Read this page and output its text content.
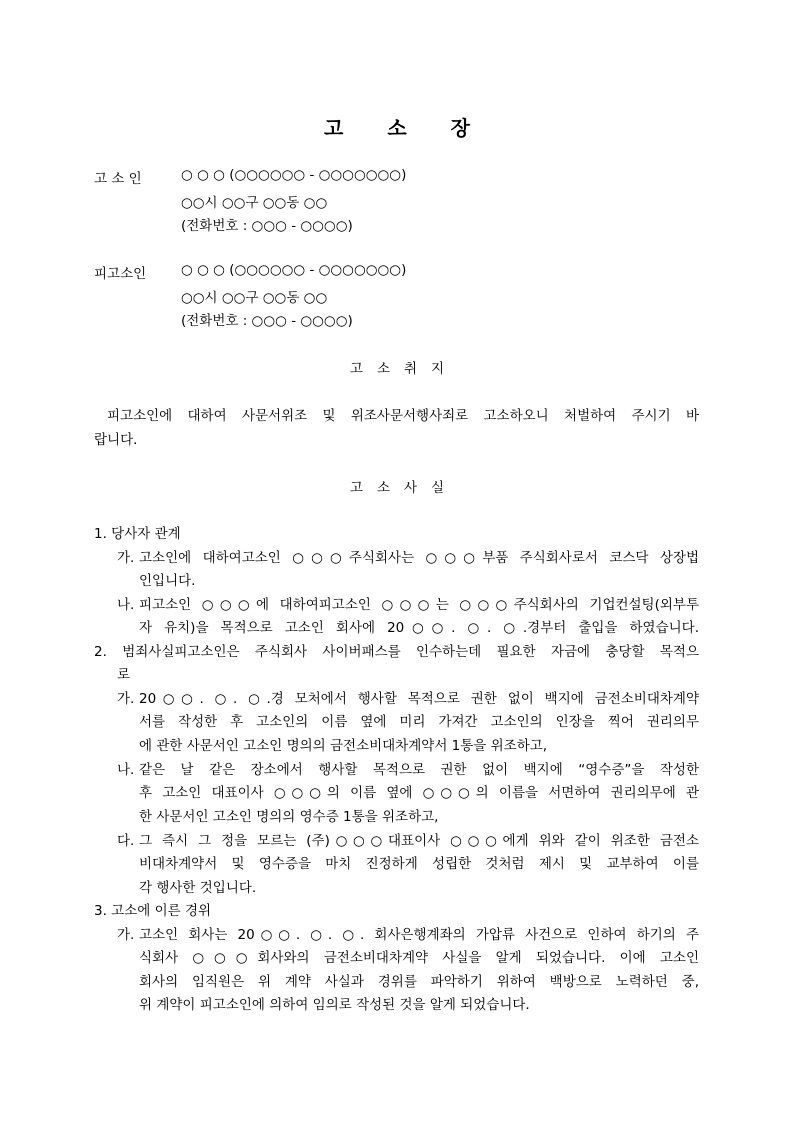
고 소 장
고 소 인	○ ○ ○ (○○○○○○ - ○○○○○○○)
○○시 ○○구 ○○동 ○○
(전화번호 : ○○○ - ○○○○)
피고소인	○ ○ ○ (○○○○○○ - ○○○○○○○)
○○시 ○○구 ○○동 ○○
(전화번호 : ○○○ - ○○○○)
고 소 취 지
피고소인에 대하여 사문서위조 및 위조사문서행사죄로 고소하오니 처벌하여 주시기 바
랍니다.
고 소 사 실
1. 당사자 관계
가. 고소인에 대하여고소인 ○○○주식회사는 ○○○부품 주식회사로서 코스닥 상장법
인입니다.
나. 피고소인 ○○○에 대하여피고소인 ○○○는 ○○○주식회사의 기업컨설팅(외부투
자 유치)을 목적으로 고소인 회사에 20○○. ○. ○.경부터 출입을 하였습니다.
2. 범죄사실피고소인은 주식회사 사이버패스를 인수하는데 필요한 자금에 충당할 목적으
로
가. 20○○. ○. ○.경 모처에서 행사할 목적으로 권한 없이 백지에 금전소비대차계약
서를 작성한 후 고소인의 이름 옆에 미리 가져간 고소인의 인장을 찍어 권리의무
에 관한 사문서인 고소인 명의의 금전소비대차계약서 1통을 위조하고,
나. 같은 날 같은 장소에서 행사할 목적으로 권한 없이 백지에 “영수증”을 작성한
후 고소인 대표이사 ○○○의 이름 옆에 ○○○의 이름을 서면하여 권리의무에 관
한 사문서인 고소인 명의의 영수증 1통을 위조하고,
다. 그 즉시 그 정을 모르는 (주)○○○대표이사 ○○○에게 위와 같이 위조한 금전소
비대차계약서 및 영수증을 마치 진정하게 성립한 것처럼 제시 및 교부하여 이를
각 행사한 것입니다.
3. 고소에 이른 경위
가. 고소인 회사는 20○○. ○. ○. 회사은행계좌의 가압류 사건으로 인하여 하기의 주
식회사 ○○○회사와의 금전소비대차계약 사실을 알게 되었습니다. 이에 고소인
회사의 임직원은 위 계약 사실과 경위를 파악하기 위하여 백방으로 노력하던 중,
위 계약이 피고소인에 의하여 임의로 작성된 것을 알게 되었습니다.
